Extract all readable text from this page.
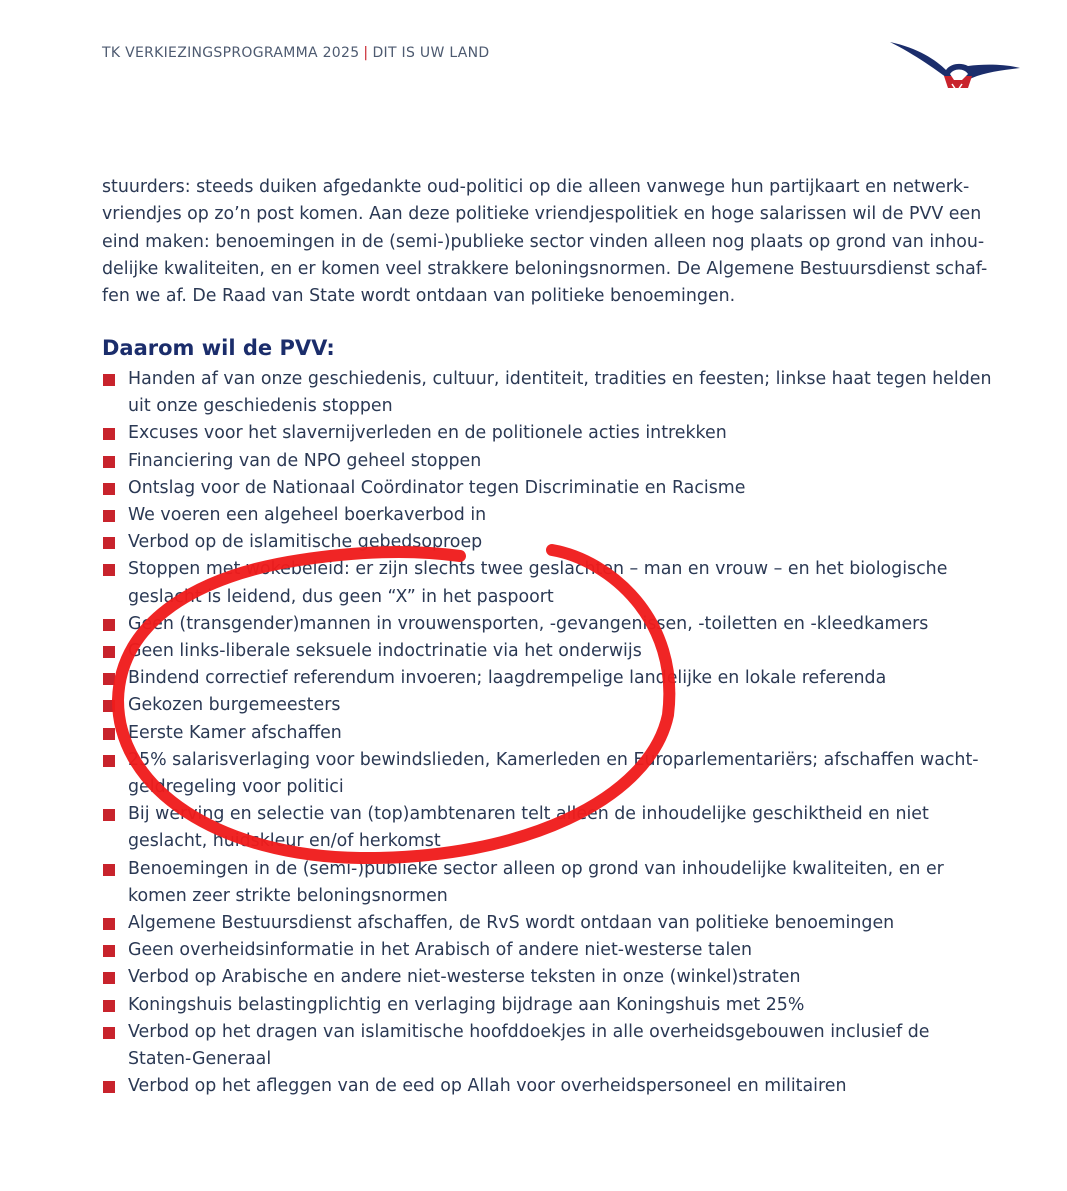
TK VERKIEZINGSPROGRAMMA 2025 | DIT IS UW LAND
stuurders: steeds duiken afgedankte oud-politici op die alleen vanwege hun partijkaart en netwerk-
vriendjes op zo’n post komen. Aan deze politieke vriendjespolitiek en hoge salarissen wil de PVV een
eind maken: benoemingen in de (semi-)publieke sector vinden alleen nog plaats op grond van inhou-
delijke kwaliteiten, en er komen veel strakkere beloningsnormen. De Algemene Bestuursdienst schaf-
fen we af. De Raad van State wordt ontdaan van politieke benoemingen.
Daarom wil de PVV:
Handen af van onze geschiedenis, cultuur, identiteit, tradities en feesten; linkse haat tegen helden
uit onze geschiedenis stoppen
Excuses voor het slavernijverleden en de politionele acties intrekken
Financiering van de NPO geheel stoppen
Ontslag voor de Nationaal Coördinator tegen Discriminatie en Racisme
We voeren een algeheel boerkaverbod in
Verbod op de islamitische gebedsoproep
Stoppen met wokebeleid: er zijn slechts twee geslachten – man en vrouw – en het biologische
geslacht is leidend, dus geen “X” in het paspoort
Geen (transgender)mannen in vrouwensporten, -gevangenissen, -toiletten en -kleedkamers
Geen links-liberale seksuele indoctrinatie via het onderwijs
Bindend correctief referendum invoeren; laagdrempelige landelijke en lokale referenda
Gekozen burgemeesters
Eerste Kamer afschaffen
25% salarisverlaging voor bewindslieden, Kamerleden en Europarlementariërs; afschaffen wacht-
geldregeling voor politici
Bij werving en selectie van (top)ambtenaren telt alleen de inhoudelijke geschiktheid en niet
geslacht, huidskleur en/of herkomst
Benoemingen in de (semi-)publieke sector alleen op grond van inhoudelijke kwaliteiten, en er
komen zeer strikte beloningsnormen
Algemene Bestuursdienst afschaffen, de RvS wordt ontdaan van politieke benoemingen
Geen overheidsinformatie in het Arabisch of andere niet-westerse talen
Verbod op Arabische en andere niet-westerse teksten in onze (winkel)straten
Koningshuis belastingplichtig en verlaging bijdrage aan Koningshuis met 25%
Verbod op het dragen van islamitische hoofddoekjes in alle overheidsgebouwen inclusief de
Staten-Generaal
Verbod op het afleggen van de eed op Allah voor overheidspersoneel en militairen
